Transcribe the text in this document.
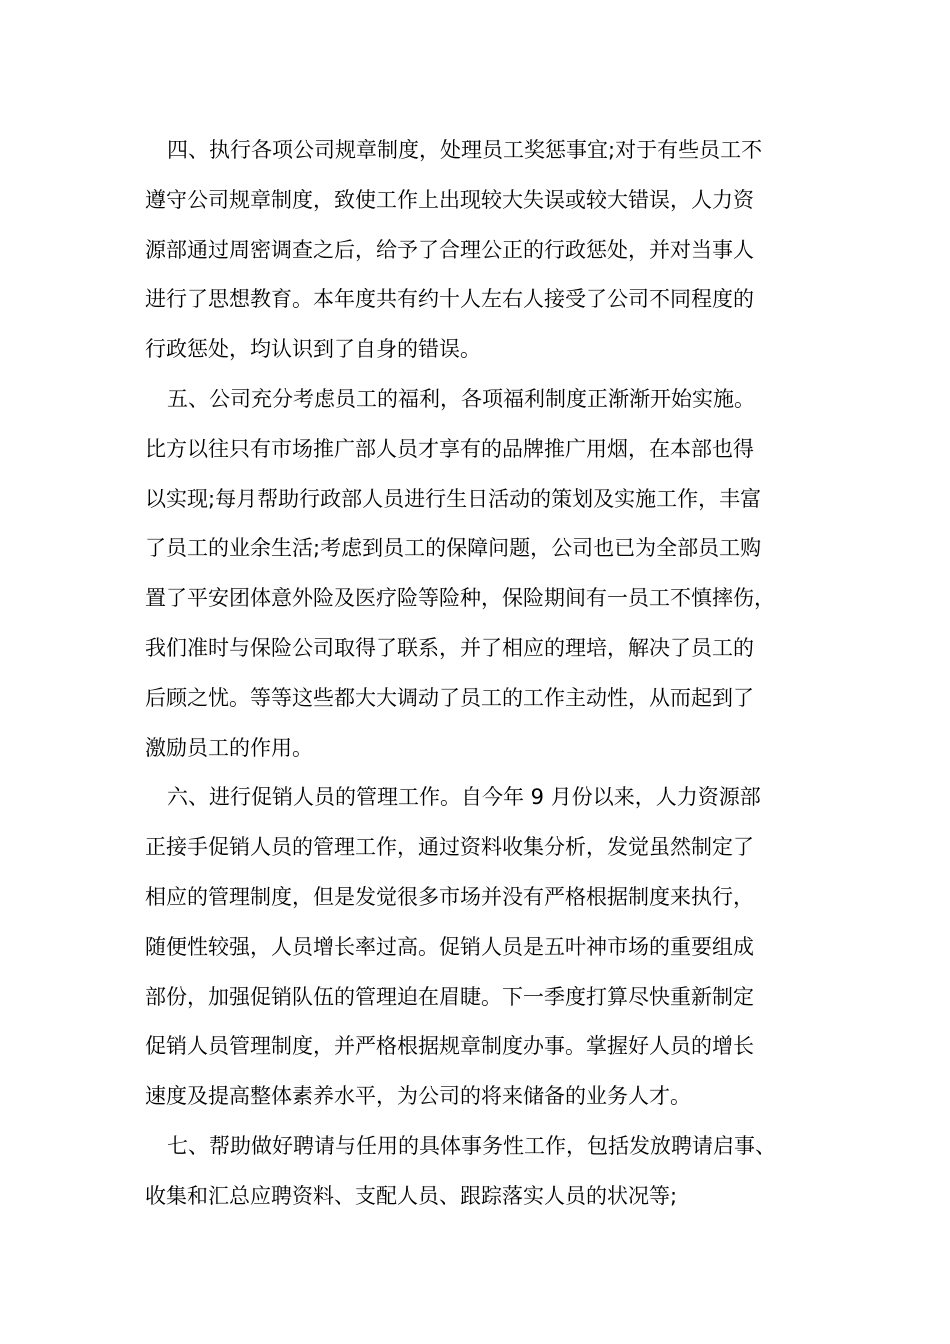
四、执行各项公司规章制度，处理员工奖惩事宜;对于有些员工不
遵守公司规章制度，致使工作上出现较大失误或较大错误，人力资
源部通过周密调查之后，给予了合理公正的行政惩处，并对当事人
进行了思想教育。本年度共有约十人左右人接受了公司不同程度的
行政惩处，均认识到了自身的错误。
五、公司充分考虑员工的福利，各项福利制度正渐渐开始实施。
比方以往只有市场推广部人员才享有的品牌推广用烟，在本部也得
以实现;每月帮助行政部人员进行生日活动的策划及实施工作，丰富
了员工的业余生活;考虑到员工的保障问题，公司也已为全部员工购
置了平安团体意外险及医疗险等险种，保险期间有一员工不慎摔伤，
我们准时与保险公司取得了联系，并了相应的理培，解决了员工的
后顾之忧。等等这些都大大调动了员工的工作主动性，从而起到了
激励员工的作用。
六、进行促销人员的管理工作。自今年 9 月份以来，人力资源部
正接手促销人员的管理工作，通过资料收集分析，发觉虽然制定了
相应的管理制度，但是发觉很多市场并没有严格根据制度来执行，
随便性较强，人员增长率过高。促销人员是五叶神市场的重要组成
部份，加强促销队伍的管理迫在眉睫。下一季度打算尽快重新制定
促销人员管理制度，并严格根据规章制度办事。掌握好人员的增长
速度及提高整体素养水平，为公司的将来储备的业务人才。
七、帮助做好聘请与任用的具体事务性工作，包括发放聘请启事、
收集和汇总应聘资料、支配人员、跟踪落实人员的状况等;
